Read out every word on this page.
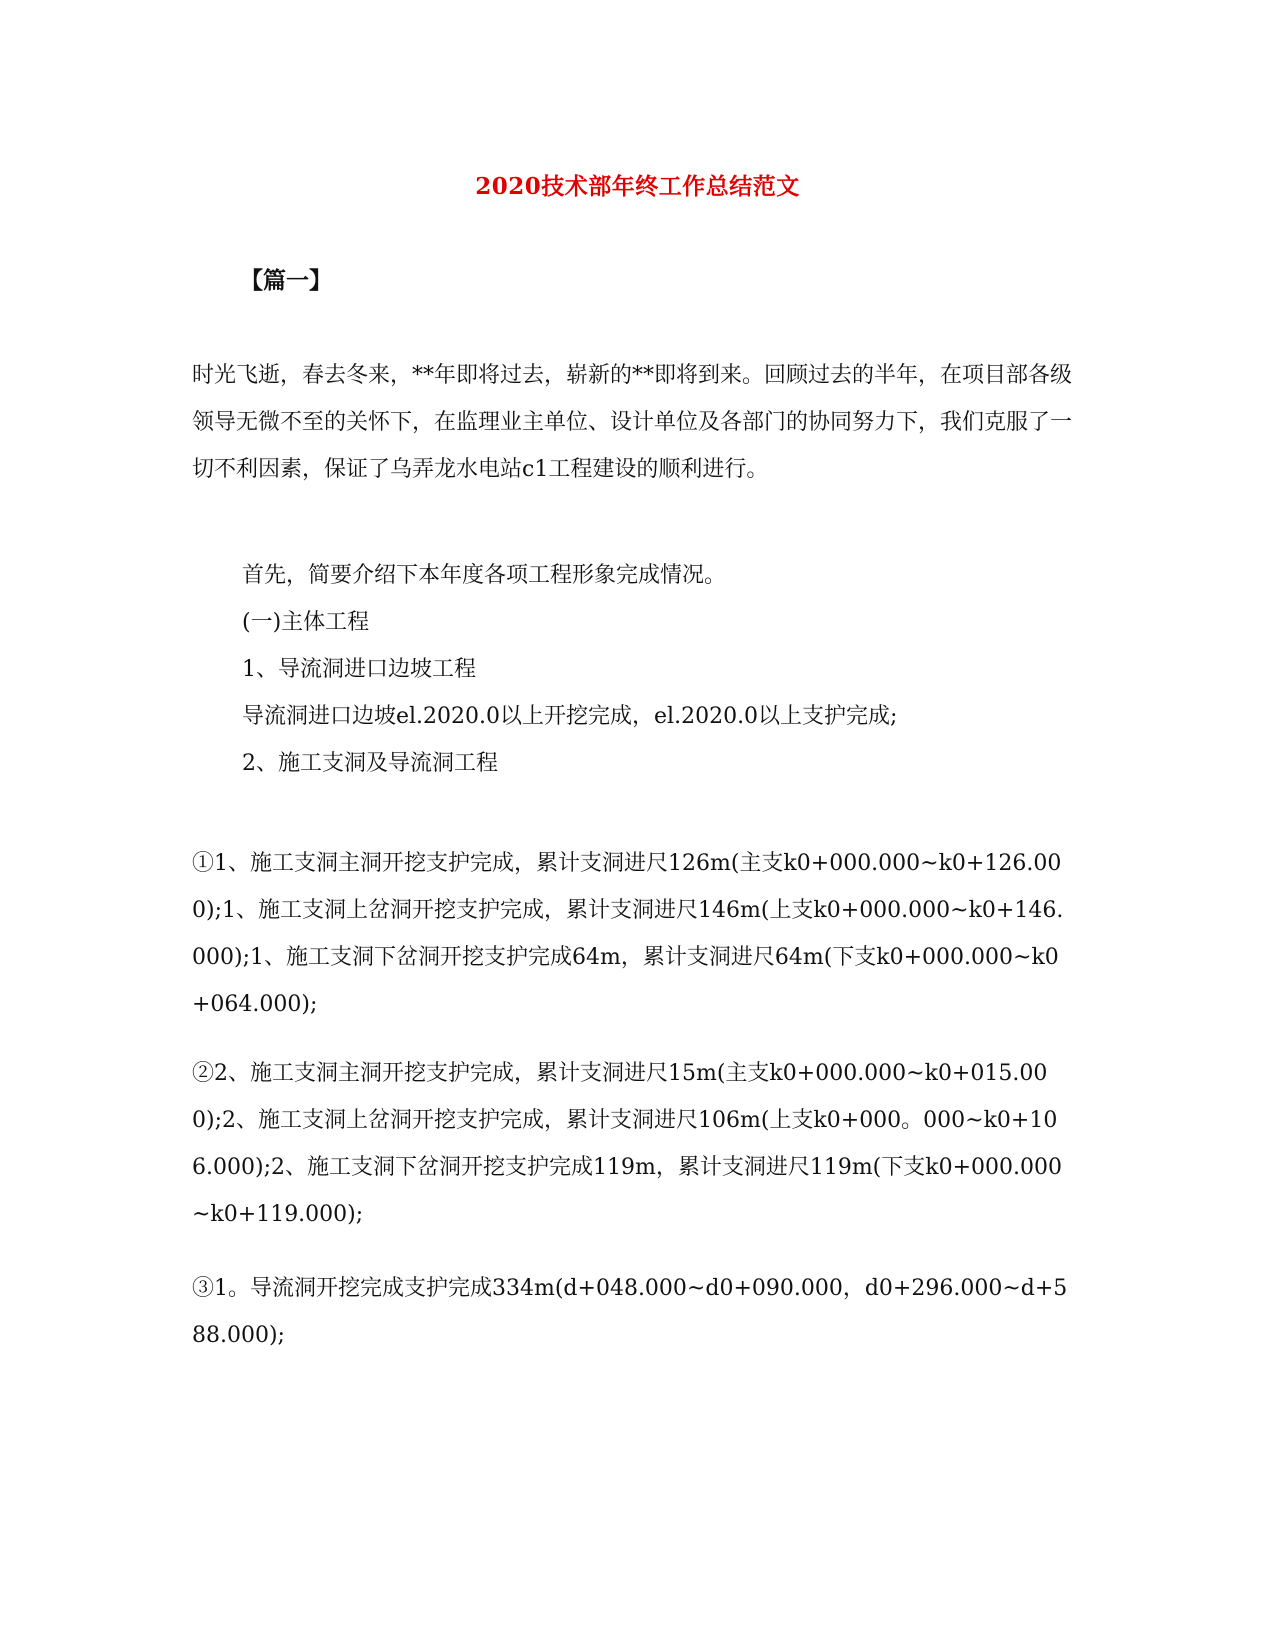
2020技术部年终工作总结范文
【篇一】
时光飞逝，春去冬来，**年即将过去，崭新的**即将到来。回顾过去的半年，在项目部各级领导无微不至的关怀下，在监理业主单位、设计单位及各部门的协同努力下，我们克服了一切不利因素，保证了乌弄龙水电站c1工程建设的顺利进行。
首先，简要介绍下本年度各项工程形象完成情况。
(一)主体工程
1、导流洞进口边坡工程
导流洞进口边坡el.2020.0以上开挖完成，el.2020.0以上支护完成;
2、施工支洞及导流洞工程
①1、施工支洞主洞开挖支护完成，累计支洞进尺126m(主支k0+000.000~k0+126.000);1、施工支洞上岔洞开挖支护完成，累计支洞进尺146m(上支k0+000.000~k0+146.000);1、施工支洞下岔洞开挖支护完成64m，累计支洞进尺64m(下支k0+000.000~k0+064.000);
②2、施工支洞主洞开挖支护完成，累计支洞进尺15m(主支k0+000.000~k0+015.000);2、施工支洞上岔洞开挖支护完成，累计支洞进尺106m(上支k0+000。000~k0+106.000);2、施工支洞下岔洞开挖支护完成119m，累计支洞进尺119m(下支k0+000.000~k0+119.000);
③1。导流洞开挖完成支护完成334m(d+048.000~d0+090.000，d0+296.000~d+588.000);
